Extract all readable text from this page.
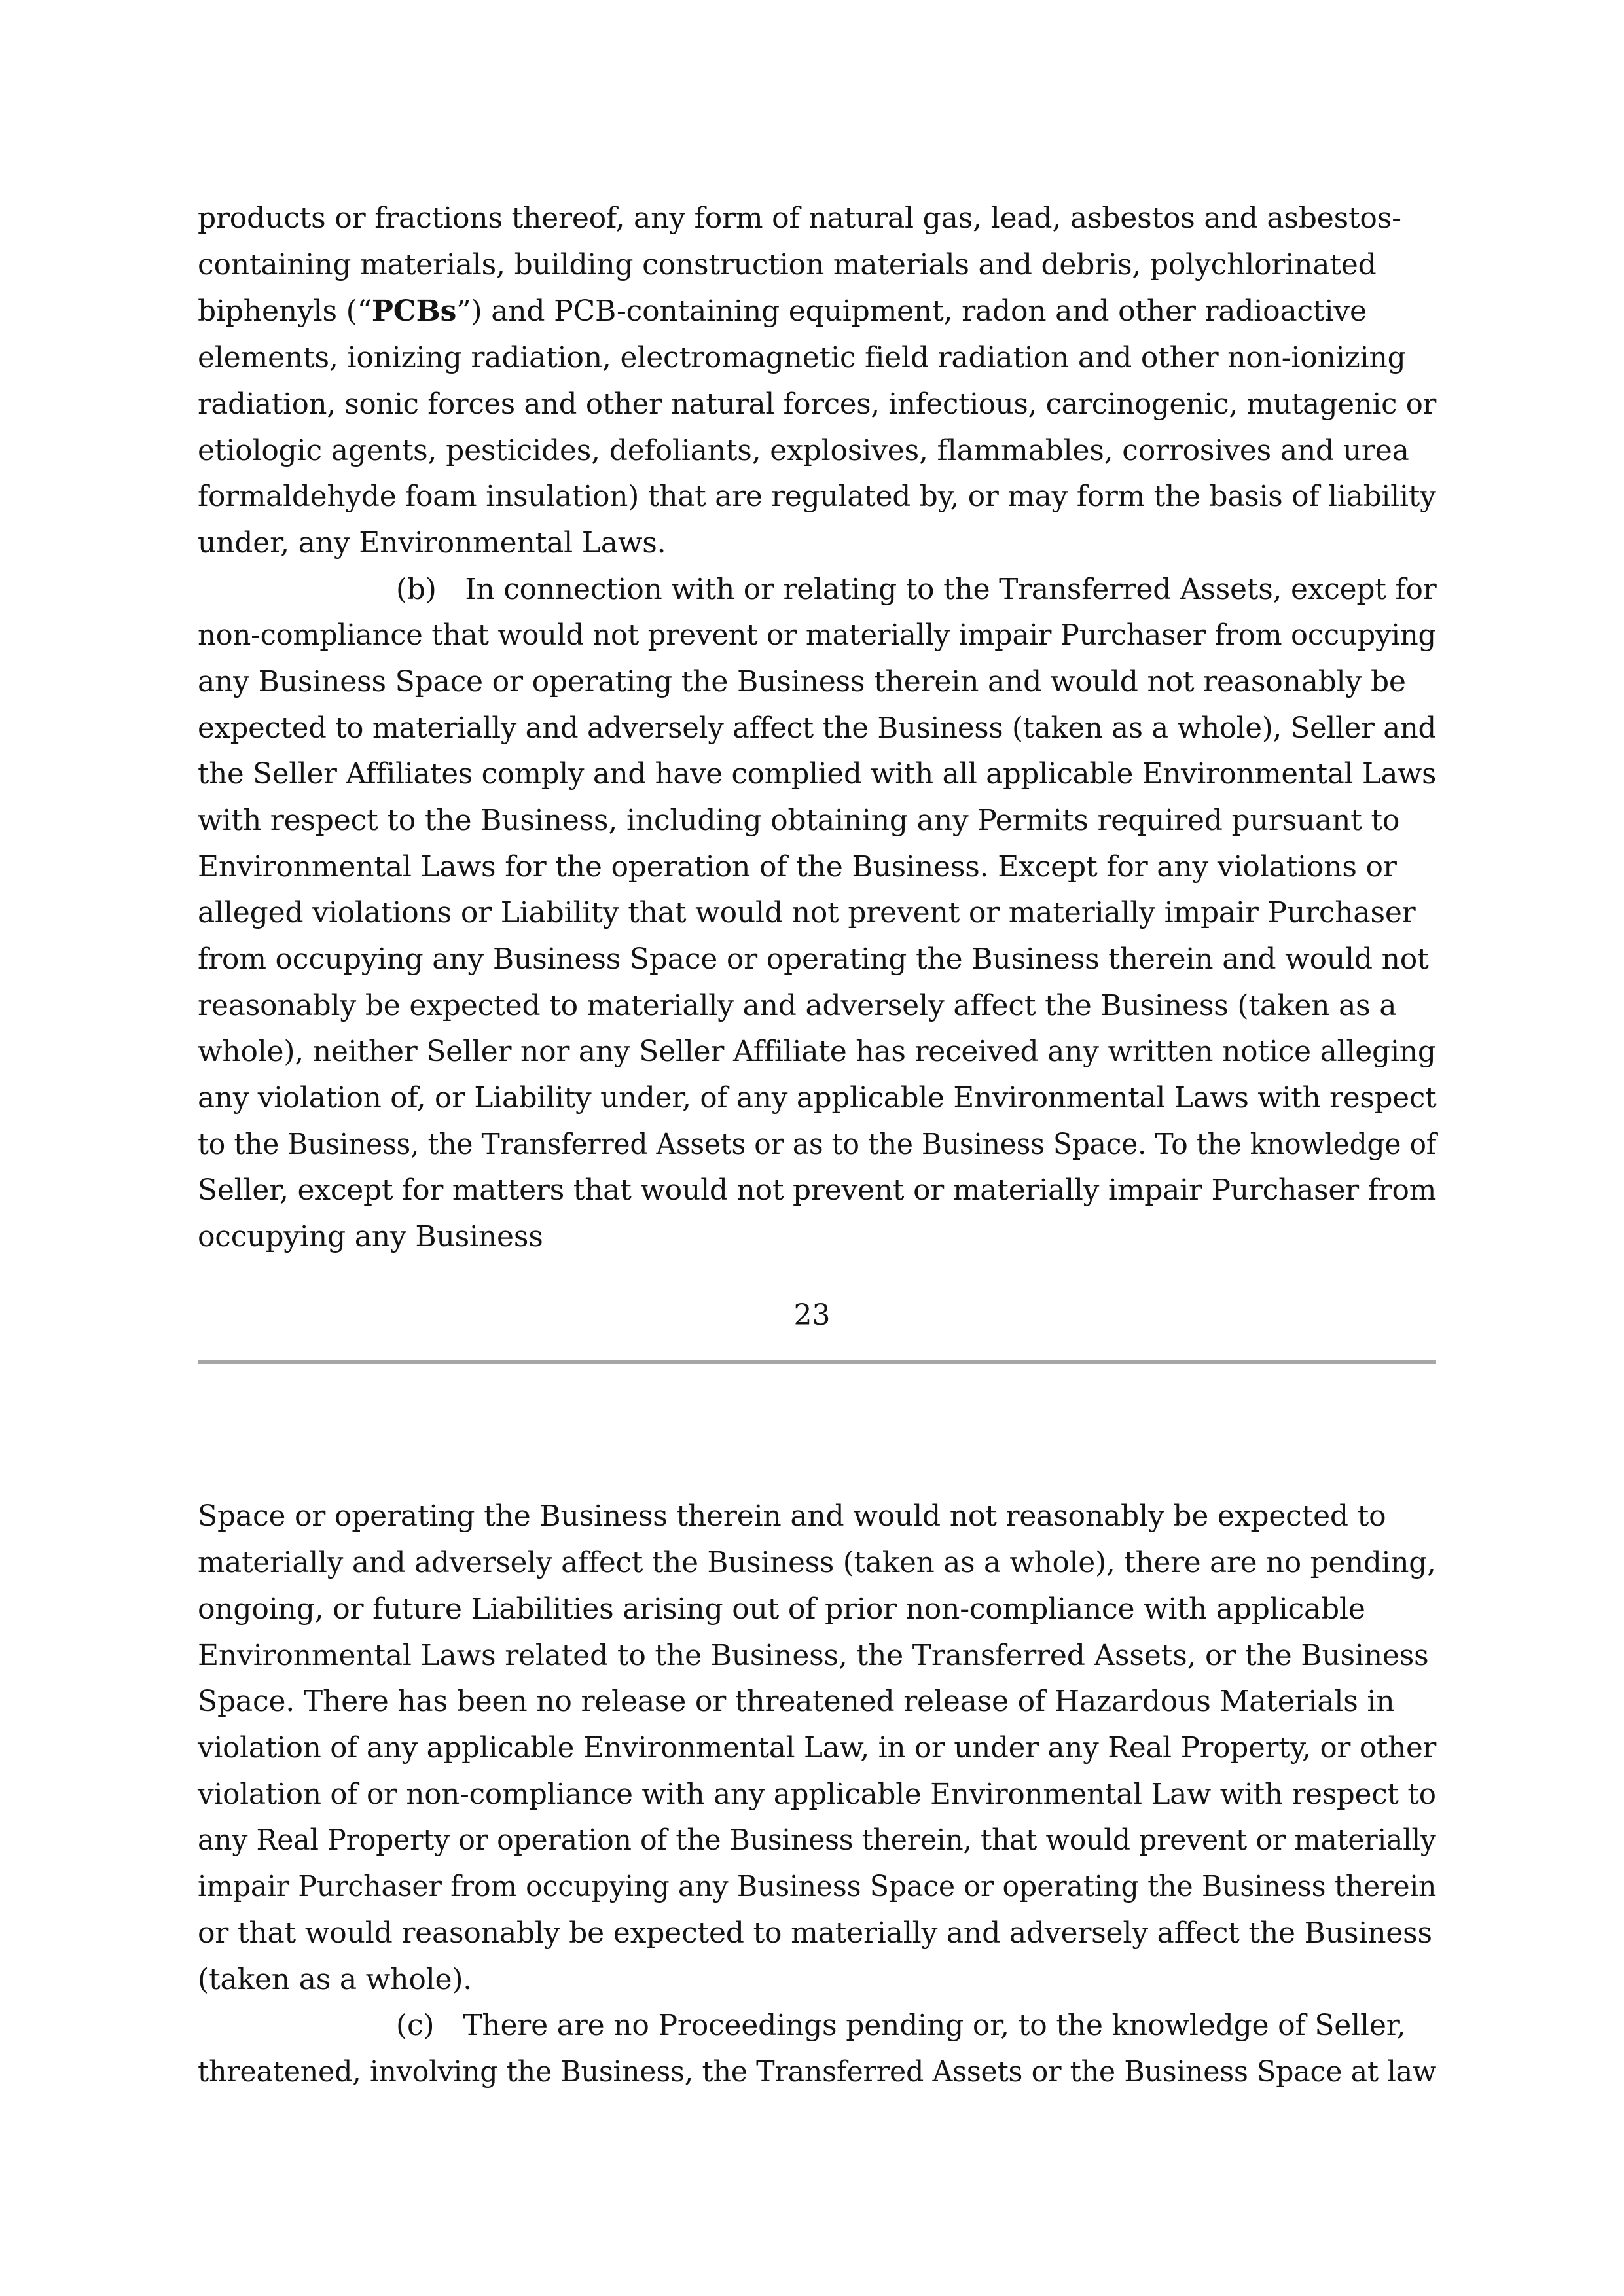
products or fractions thereof, any form of natural gas, lead, asbestos and asbestos-
containing materials, building construction materials and debris, polychlorinated
biphenyls (“PCBs”) and PCB-containing equipment, radon and other radioactive
elements, ionizing radiation, electromagnetic field radiation and other non-ionizing
radiation, sonic forces and other natural forces, infectious, carcinogenic, mutagenic or
etiologic agents, pesticides, defoliants, explosives, flammables, corrosives and urea
formaldehyde foam insulation) that are regulated by, or may form the basis of liability
under, any Environmental Laws.
(b) In connection with or relating to the Transferred Assets, except for
non-compliance that would not prevent or materially impair Purchaser from occupying
any Business Space or operating the Business therein and would not reasonably be
expected to materially and adversely affect the Business (taken as a whole), Seller and
the Seller Affiliates comply and have complied with all applicable Environmental Laws
with respect to the Business, including obtaining any Permits required pursuant to
Environmental Laws for the operation of the Business. Except for any violations or
alleged violations or Liability that would not prevent or materially impair Purchaser
from occupying any Business Space or operating the Business therein and would not
reasonably be expected to materially and adversely affect the Business (taken as a
whole), neither Seller nor any Seller Affiliate has received any written notice alleging
any violation of, or Liability under, of any applicable Environmental Laws with respect
to the Business, the Transferred Assets or as to the Business Space. To the knowledge of
Seller, except for matters that would not prevent or materially impair Purchaser from
occupying any Business
23
Space or operating the Business therein and would not reasonably be expected to
materially and adversely affect the Business (taken as a whole), there are no pending,
ongoing, or future Liabilities arising out of prior non-compliance with applicable
Environmental Laws related to the Business, the Transferred Assets, or the Business
Space. There has been no release or threatened release of Hazardous Materials in
violation of any applicable Environmental Law, in or under any Real Property, or other
violation of or non-compliance with any applicable Environmental Law with respect to
any Real Property or operation of the Business therein, that would prevent or materially
impair Purchaser from occupying any Business Space or operating the Business therein
or that would reasonably be expected to materially and adversely affect the Business
(taken as a whole).
(c) There are no Proceedings pending or, to the knowledge of Seller,
threatened, involving the Business, the Transferred Assets or the Business Space at law
